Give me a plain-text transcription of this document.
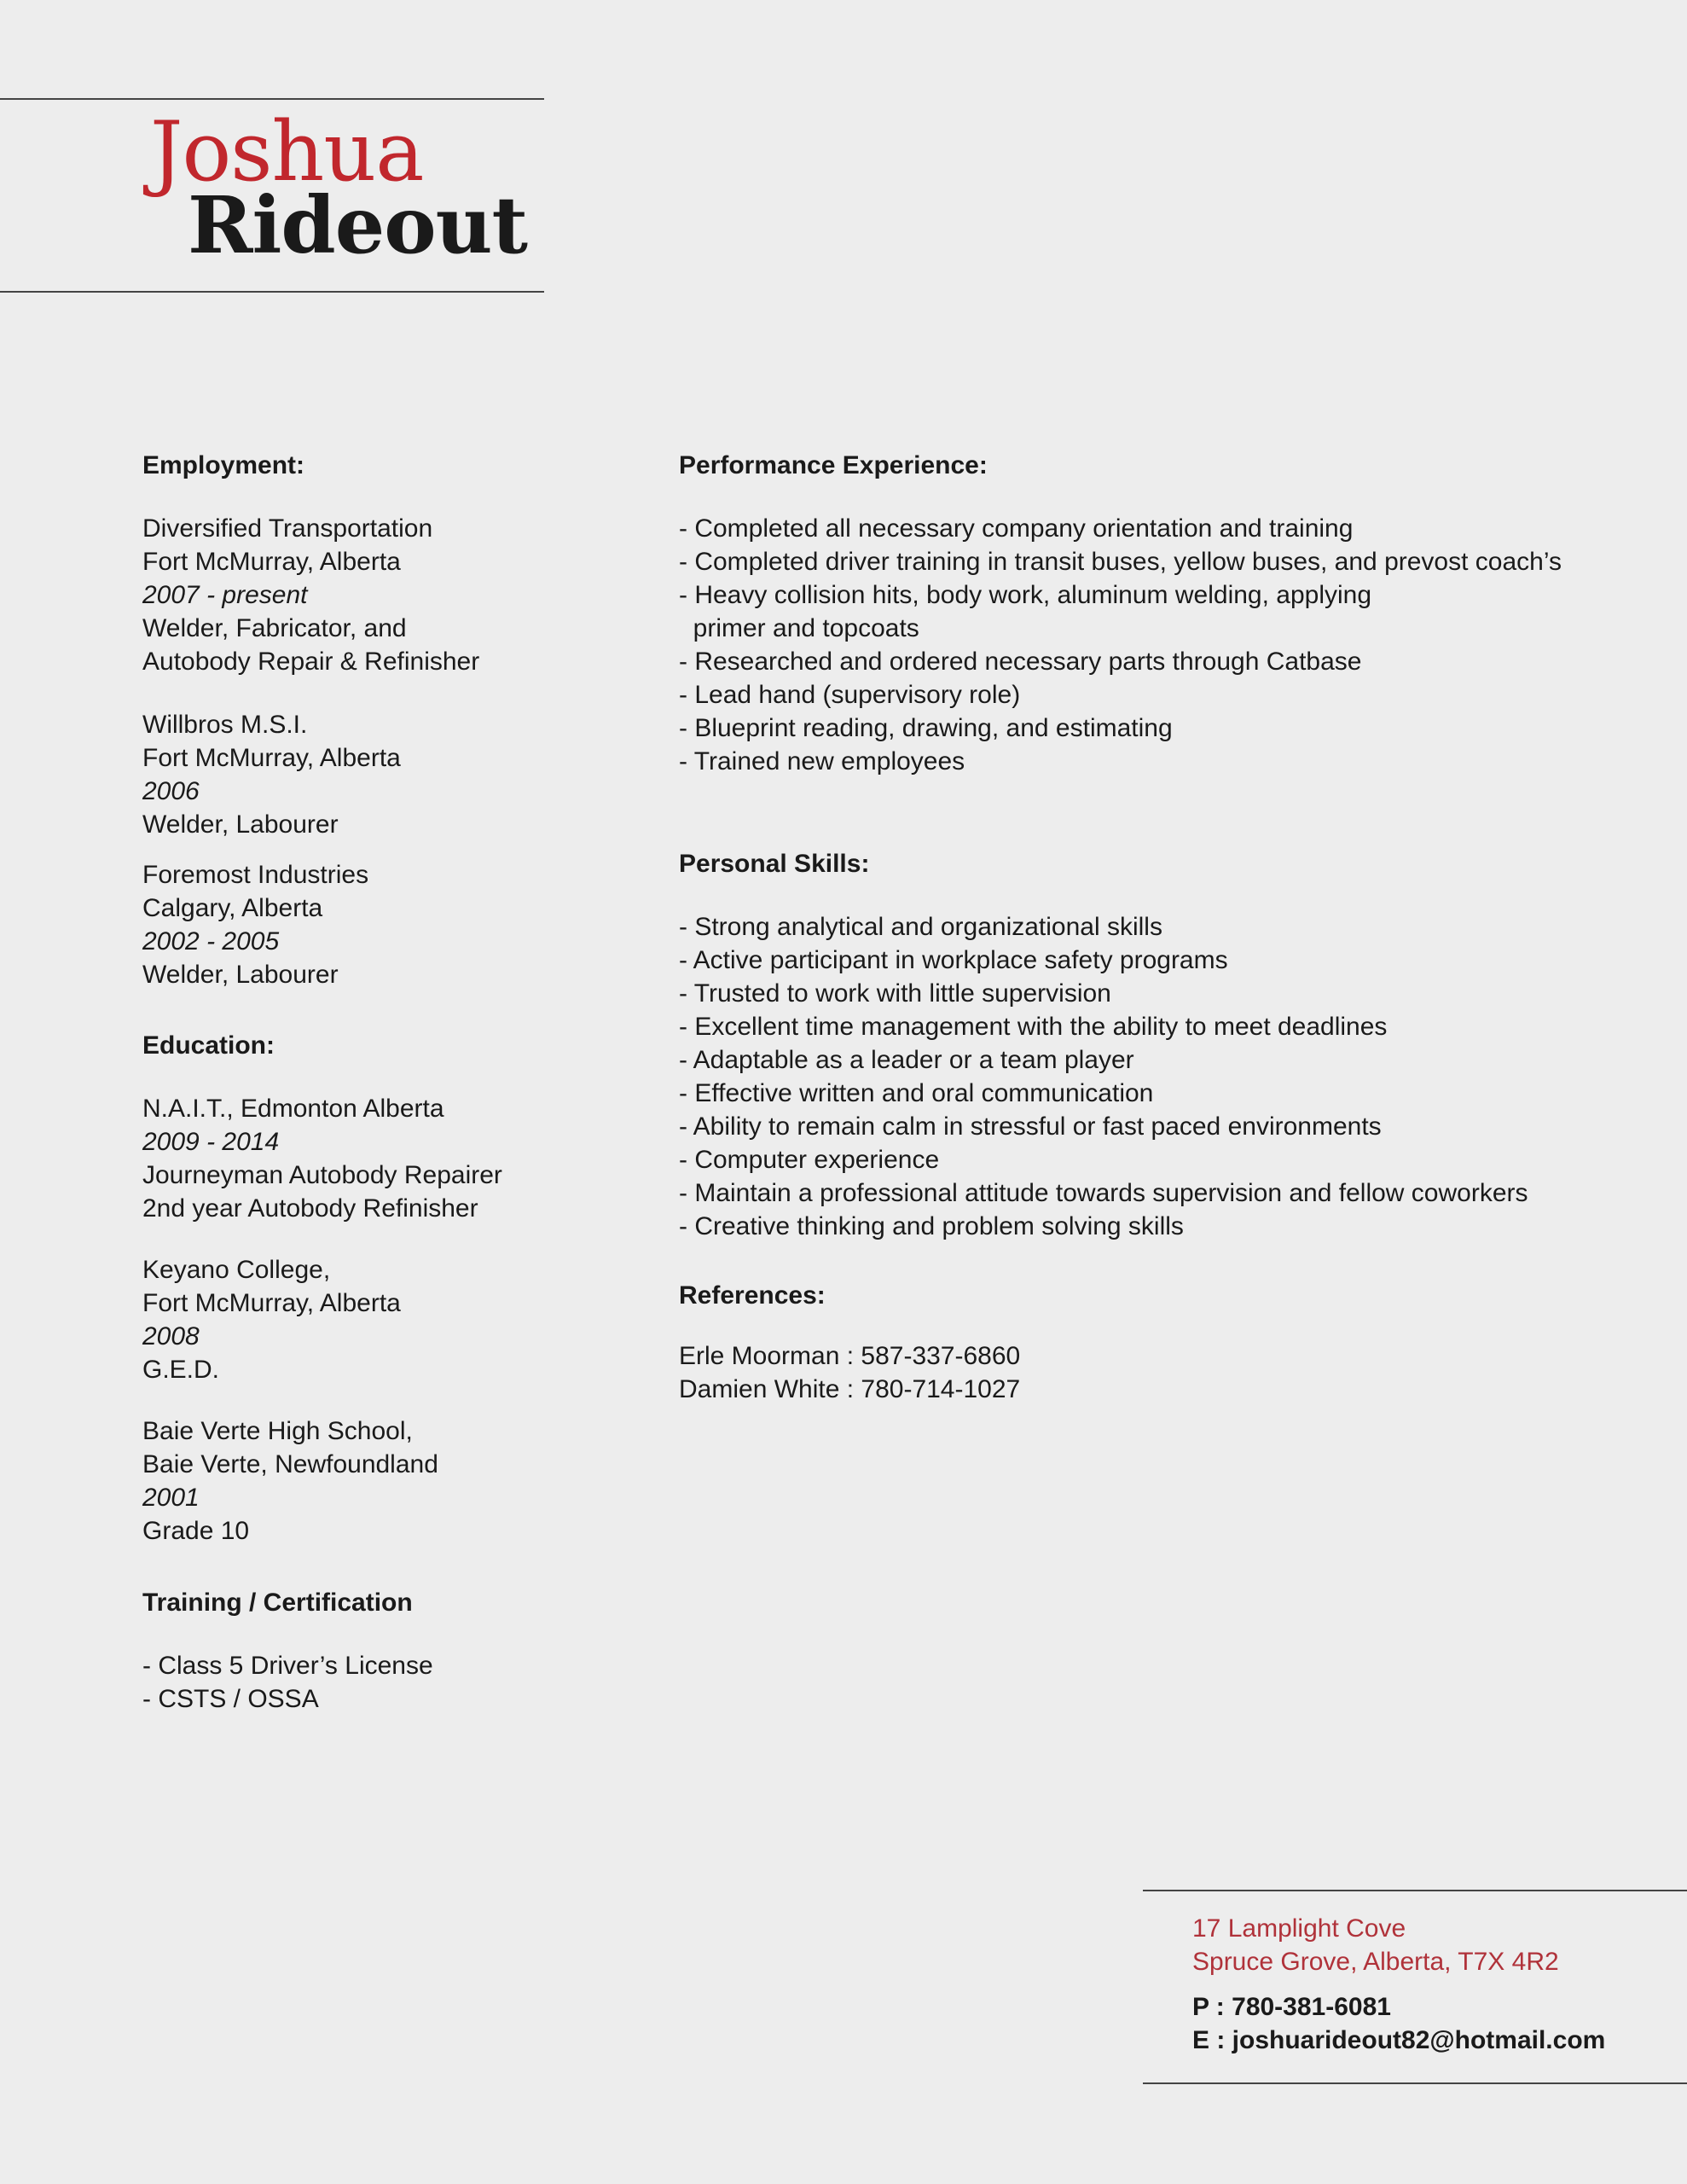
Joshua
Rideout
Employment:
Diversified Transportation
Fort McMurray, Alberta
2007 - present
Welder, Fabricator, and
Autobody Repair & Refinisher
Willbros M.S.I.
Fort McMurray, Alberta
2006
Welder, Labourer
Foremost Industries
Calgary, Alberta
2002 - 2005
Welder, Labourer
Education:
N.A.I.T., Edmonton Alberta
2009 - 2014
Journeyman Autobody Repairer
2nd year Autobody Refinisher
Keyano College,
Fort McMurray, Alberta
2008
G.E.D.
Baie Verte High School,
Baie Verte, Newfoundland
2001
Grade 10
Training / Certification
- Class 5 Driver’s License
- CSTS / OSSA
Performance Experience:
- Completed all necessary company orientation and training
- Completed driver training in transit buses, yellow buses, and prevost coach’s
- Heavy collision hits, body work, aluminum welding, applying
primer and topcoats
- Researched and ordered necessary parts through Catbase
- Lead hand (supervisory role)
- Blueprint reading, drawing, and estimating
- Trained new employees
Personal Skills:
- Strong analytical and organizational skills
- Active participant in workplace safety programs
- Trusted to work with little supervision
- Excellent time management with the ability to meet deadlines
- Adaptable as a leader or a team player
- Effective written and oral communication
- Ability to remain calm in stressful or fast paced environments
- Computer experience
- Maintain a professional attitude towards supervision and fellow coworkers
- Creative thinking and problem solving skills
References:
Erle Moorman : 587-337-6860
Damien White : 780-714-1027
17 Lamplight Cove
Spruce Grove, Alberta, T7X 4R2
P : 780-381-6081
E : joshuarideout82@hotmail.com
